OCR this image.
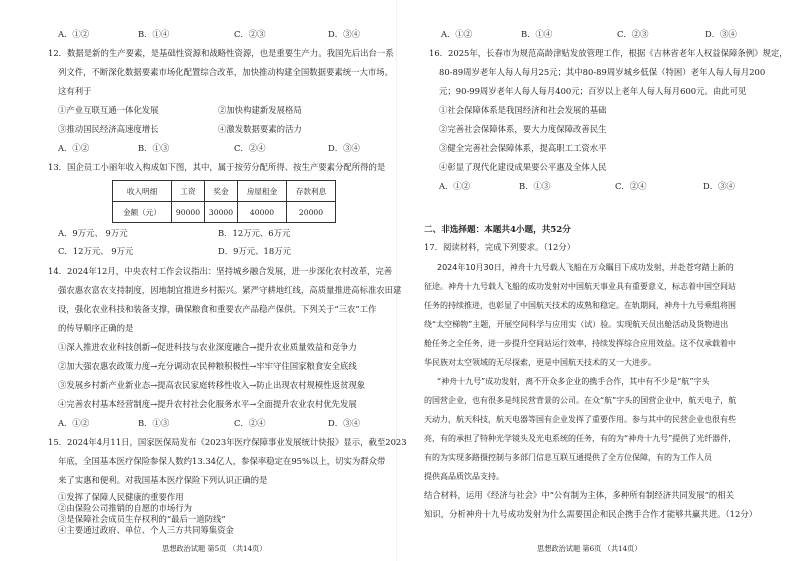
A．①②	B．①④	C．②③	D．③④
12．数据是新的生产要素，是基础性资源和战略性资源，也是重要生产力。我国先后出台一系
列文件，不断深化数据要素市场化配置综合改革，加快推动构建全国数据要素统一大市场。
这有利于
①产业互联互通一体化发展	②加快构建新发展格局
③推动国民经济高速度增长	④激发数据要素的活力
A．①②	B．①③	C．②④	D．③④
13．国企员工小丽年收入构成如下图，其中，属于按劳分配所得、按生产要素分配所得的是
收入明细	工资	奖金	房屋租金	存款利息
金额（元）	90000	30000	40000	20000
A．9万元、 9万元	B．12万元、6万元
C．12万元、 9万元	D．9万元、18万元
14．2024年12月，中央农村工作会议指出：坚持城乡融合发展，进一步深化农村改革，完善
强农惠农富农支持制度，因地制宜推进乡村振兴。紧严守耕地红线，高质量推进高标准农田建
设，强化农业科技和装备支撑，确保粮食和重要农产品稳产保供。下列关于“三农”工作
的传导顺序正确的是
①深入推进农业科技创新→促进科技与农业深度融合→提升农业质量效益和竞争力
②加大强农惠农政策力度→充分调动农民种粮积极性→牢牢守住国家粮食安全底线
③发展乡村新产业新业态→提高农民家庭转移性收入→防止出现农村规模性返贫现象
④完善农村基本经营制度→提升农村社会化服务水平→全面提升农业农村优先发展
A．①②	B．①③	C．②④	D．③④
15．2024年4月11日，国家医保局发布《2023年医疗保障事业发展统计快报》显示，截至2023
年底，全国基本医疗保险参保人数约13.34亿人，参保率稳定在95%以上，切实为群众带
来了实惠和便利。对我国基本医疗保险下列认识正确的是
①发挥了保障人民健康的重要作用
②由保险公司推销的自愿的市场行为
③是保障社会成员生存权利的“最后一道防线”
④主要通过政府、单位、个人三方共同筹集资金
思想政治试题 第5页 （共14页）
A．①②	B．①④	C．②③	D．③④
16．2025年，长春市为规范高龄津贴发放管理工作，根据《吉林省老年人权益保障条例》规定，
80-89周岁老年人每人每月25元；其中80-89周岁城乡低保（特困）老年人每人每月200
元；90-99周岁老年人每人每月400元；百岁以上老年人每人每月600元。由此可见
①社会保障体系是我国经济和社会发展的基础
②完善社会保障体系，要大力度保障改善民生
③健全完善社会保障体系，提高职工工资水平
④彰显了现代化建设成果要公平惠及全体人民
A．①②	B．①③	C．②④	D．③④
二、非选择题：本题共4小题，共52分
17．阅读材料，完成下列要求。（12分）
2024年10月30日，神舟十九号载人飞船在万众瞩目下成功发射，并赴苍穹踏上新的
征途。神舟十九号载人飞船的成功发射对中国航天事业具有重要意义，标志着中国空间站
任务的持续推进，也彰显了中国航天技术的成熟和稳定。在轨期间，神舟十九号乘组将围
绕“太空梯物”主题，开展空间科学与应用实（试）验。实现航天员出舱活动及货物进出
舱任务之全任务，进一步提升空间站运行效率，持续发挥综合应用效益。这不仅承载着中
华民族对太空领域的无尽探索，更是中国航天技术的又一大进步。
“神舟十九号”成功发射，离不开众多企业的携手合作，其中有不少是“航”字头
的国营企业，也有很多是纯民营背景的公司。在众“航”字头的国营企业中，航天电子，航
天动力，航天科技，航天电器等国有企业发挥了重要作用。参与其中的民营企业也很有些
亮，有的承担了特种光学镜头及光电系统的任务，有的为“神舟十九号”提供了光纤器件，
有的为实现多路摄控制与多部门信息互联互通提供了全方位保障，有的为工作人员
提供高品质饮品支持。
结合材料，运用《经济与社会》中“公有制为主体，多种所有制经济共同发展”的相关
知识，分析神舟十九号成功发射为什么需要国企和民企携手合作才能够共赢共进。（12分）
思想政治试题 第6页 （共14页）
